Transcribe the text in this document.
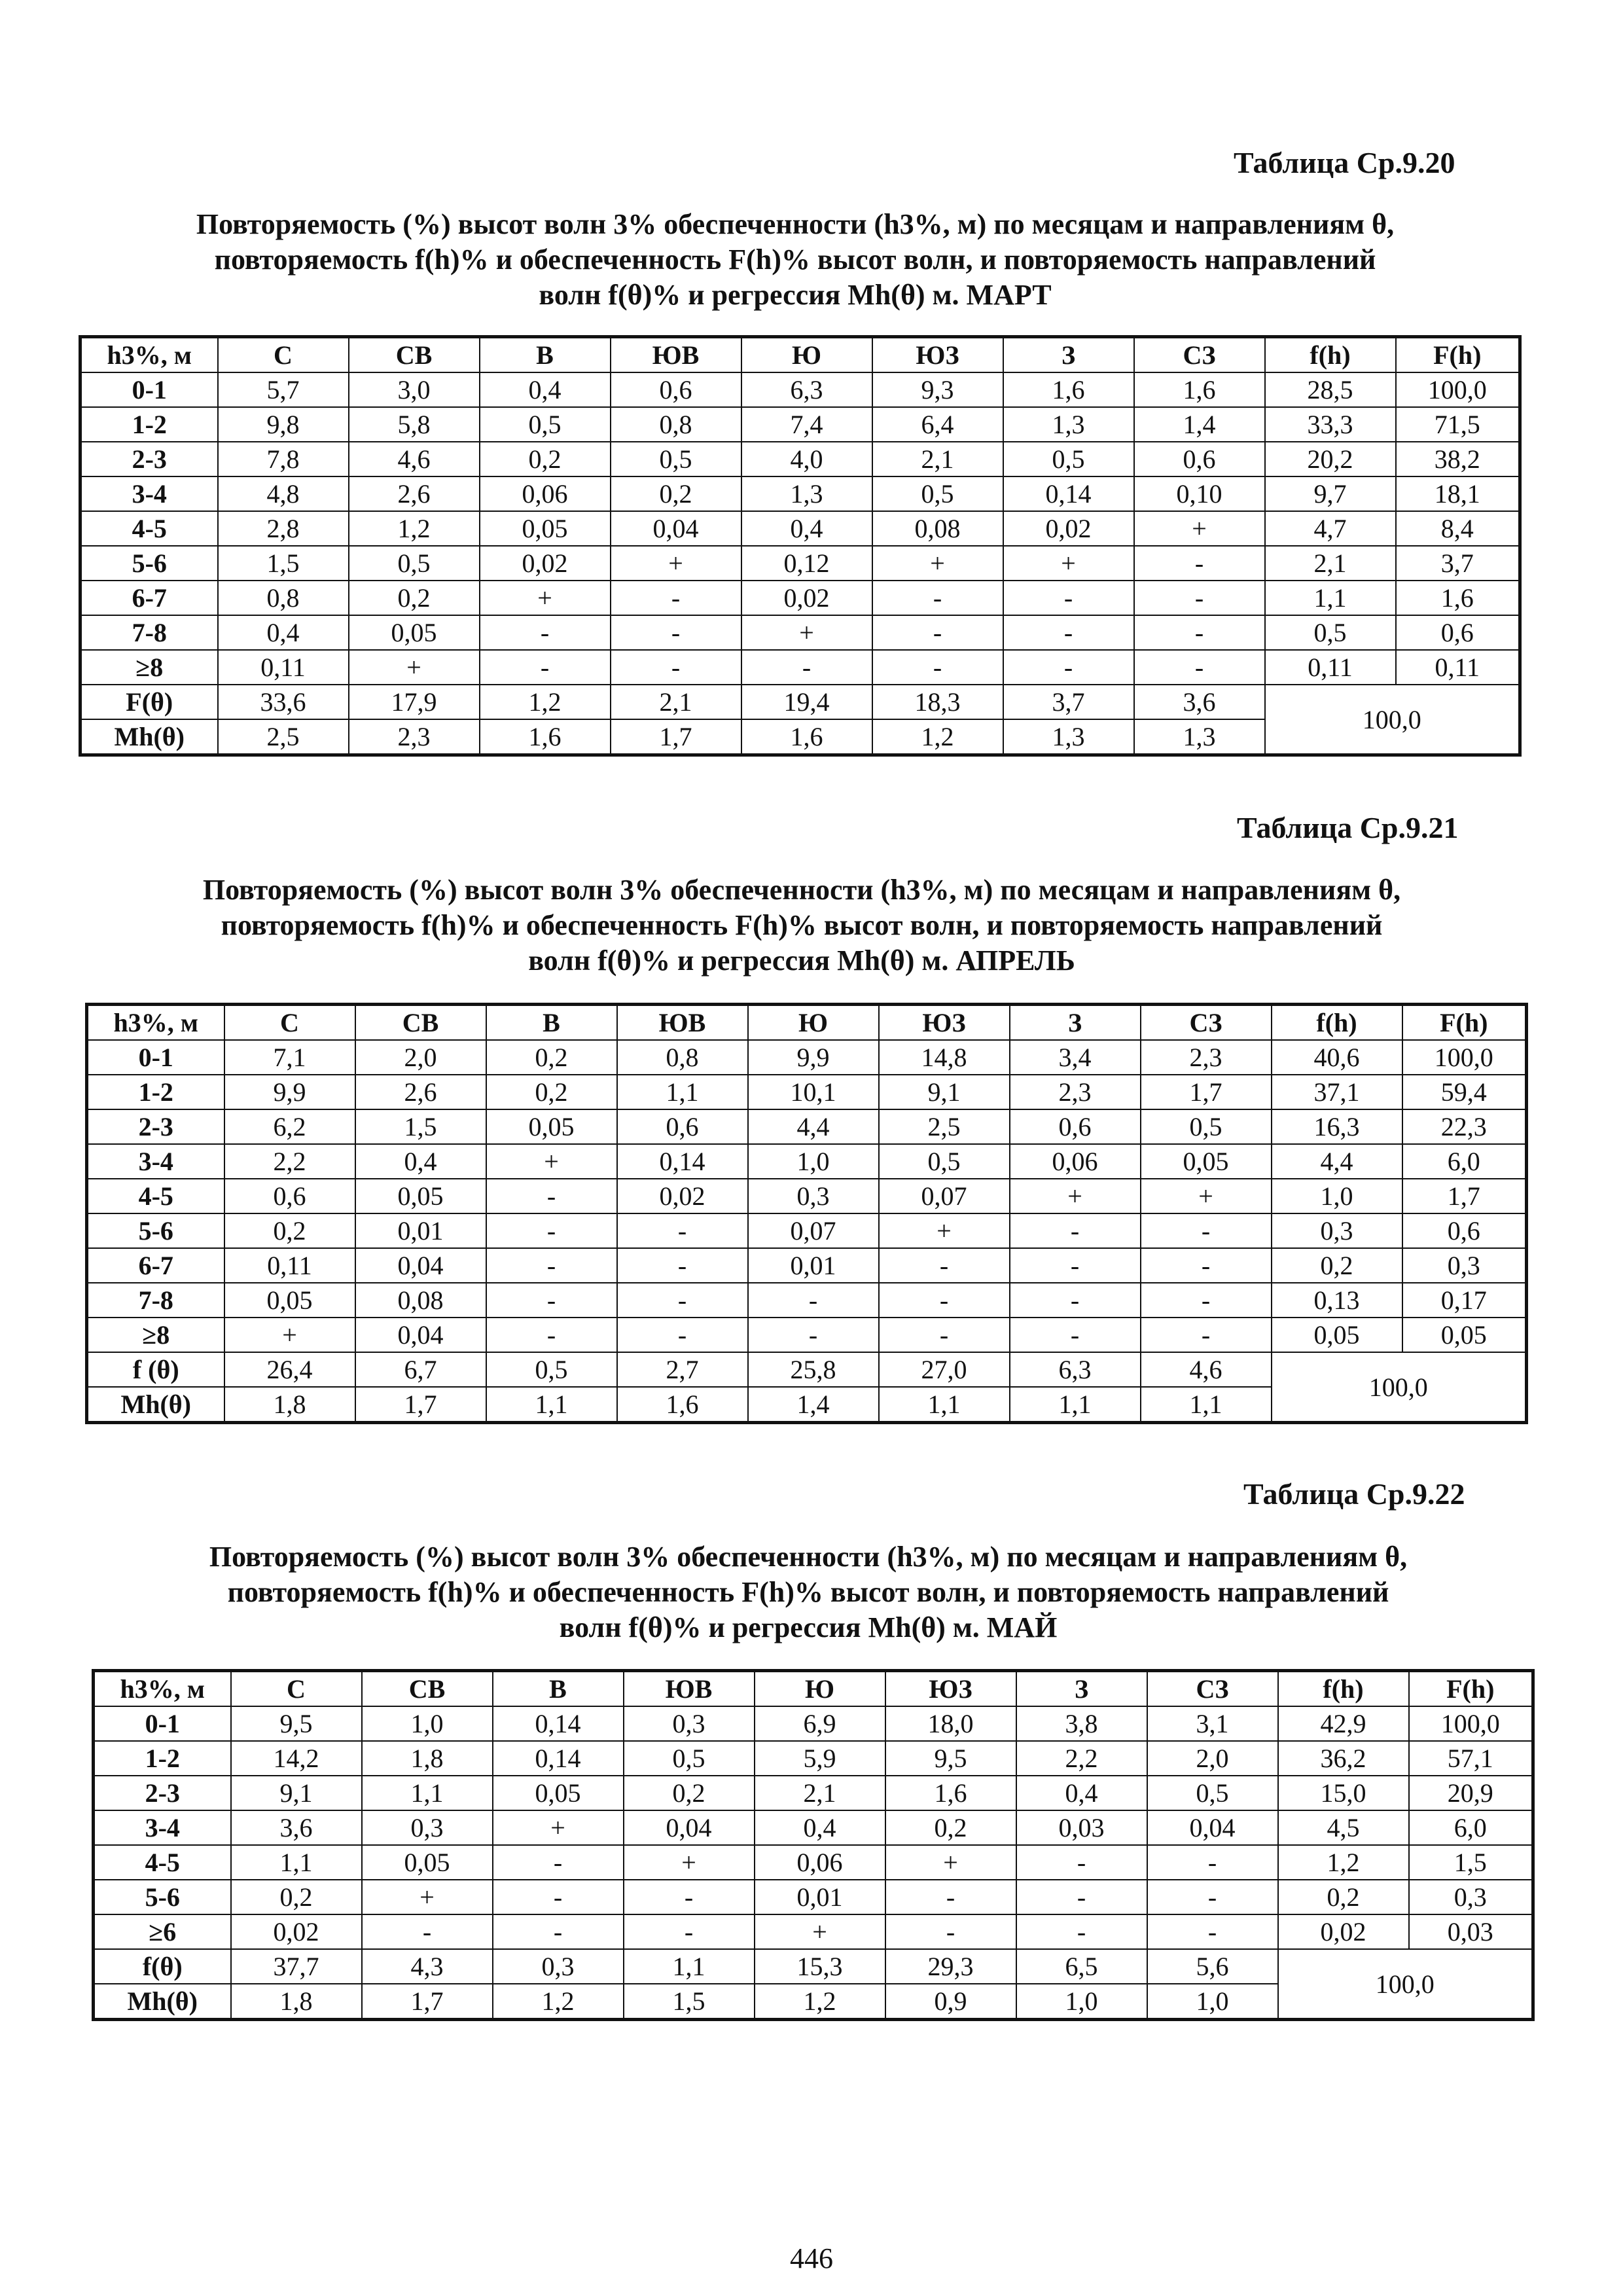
Таблица Ср.9.20
Повторяемость (%) высот волн 3% обеспеченности (h3%, м) по месяцам и направлениям θ,
повторяемость f(h)% и обеспеченность F(h)% высот волн, и повторяемость направлений
волн f(θ)% и регрессия Mh(θ) м. МАРТ
h3%, м	С	СВ	В	ЮВ	Ю	ЮЗ	З	СЗ	f(h)	F(h)
0-1	5,7	3,0	0,4	0,6	6,3	9,3	1,6	1,6	28,5	100,0
1-2	9,8	5,8	0,5	0,8	7,4	6,4	1,3	1,4	33,3	71,5
2-3	7,8	4,6	0,2	0,5	4,0	2,1	0,5	0,6	20,2	38,2
3-4	4,8	2,6	0,06	0,2	1,3	0,5	0,14	0,10	9,7	18,1
4-5	2,8	1,2	0,05	0,04	0,4	0,08	0,02	+	4,7	8,4
5-6	1,5	0,5	0,02	+	0,12	+	+	-	2,1	3,7
6-7	0,8	0,2	+	-	0,02	-	-	-	1,1	1,6
7-8	0,4	0,05	-	-	+	-	-	-	0,5	0,6
≥8	0,11	+	-	-	-	-	-	-	0,11	0,11
F(θ)	33,6	17,9	1,2	2,1	19,4	18,3	3,7	3,6	100,0	
Mh(θ)	2,5	2,3	1,6	1,7	1,6	1,2	1,3	1,3		
Таблица Ср.9.21
Повторяемость (%) высот волн 3% обеспеченности (h3%, м) по месяцам и направлениям θ,
повторяемость f(h)% и обеспеченность F(h)% высот волн, и повторяемость направлений
волн f(θ)% и регрессия Mh(θ) м. АПРЕЛЬ
h3%, м	С	СВ	В	ЮВ	Ю	ЮЗ	З	СЗ	f(h)	F(h)
0-1	7,1	2,0	0,2	0,8	9,9	14,8	3,4	2,3	40,6	100,0
1-2	9,9	2,6	0,2	1,1	10,1	9,1	2,3	1,7	37,1	59,4
2-3	6,2	1,5	0,05	0,6	4,4	2,5	0,6	0,5	16,3	22,3
3-4	2,2	0,4	+	0,14	1,0	0,5	0,06	0,05	4,4	6,0
4-5	0,6	0,05	-	0,02	0,3	0,07	+	+	1,0	1,7
5-6	0,2	0,01	-	-	0,07	+	-	-	0,3	0,6
6-7	0,11	0,04	-	-	0,01	-	-	-	0,2	0,3
7-8	0,05	0,08	-	-	-	-	-	-	0,13	0,17
≥8	+	0,04	-	-	-	-	-	-	0,05	0,05
f (θ)	26,4	6,7	0,5	2,7	25,8	27,0	6,3	4,6	100,0	
Mh(θ)	1,8	1,7	1,1	1,6	1,4	1,1	1,1	1,1		
Таблица Ср.9.22
Повторяемость (%) высот волн 3% обеспеченности (h3%, м) по месяцам и направлениям θ,
повторяемость f(h)% и обеспеченность F(h)% высот волн, и повторяемость направлений
волн f(θ)% и регрессия Mh(θ) м. МАЙ
h3%, м	С	СВ	В	ЮВ	Ю	ЮЗ	З	СЗ	f(h)	F(h)
0-1	9,5	1,0	0,14	0,3	6,9	18,0	3,8	3,1	42,9	100,0
1-2	14,2	1,8	0,14	0,5	5,9	9,5	2,2	2,0	36,2	57,1
2-3	9,1	1,1	0,05	0,2	2,1	1,6	0,4	0,5	15,0	20,9
3-4	3,6	0,3	+	0,04	0,4	0,2	0,03	0,04	4,5	6,0
4-5	1,1	0,05	-	+	0,06	+	-	-	1,2	1,5
5-6	0,2	+	-	-	0,01	-	-	-	0,2	0,3
≥6	0,02	-	-	-	+	-	-	-	0,02	0,03
f(θ)	37,7	4,3	0,3	1,1	15,3	29,3	6,5	5,6	100,0	
Mh(θ)	1,8	1,7	1,2	1,5	1,2	0,9	1,0	1,0		
446
